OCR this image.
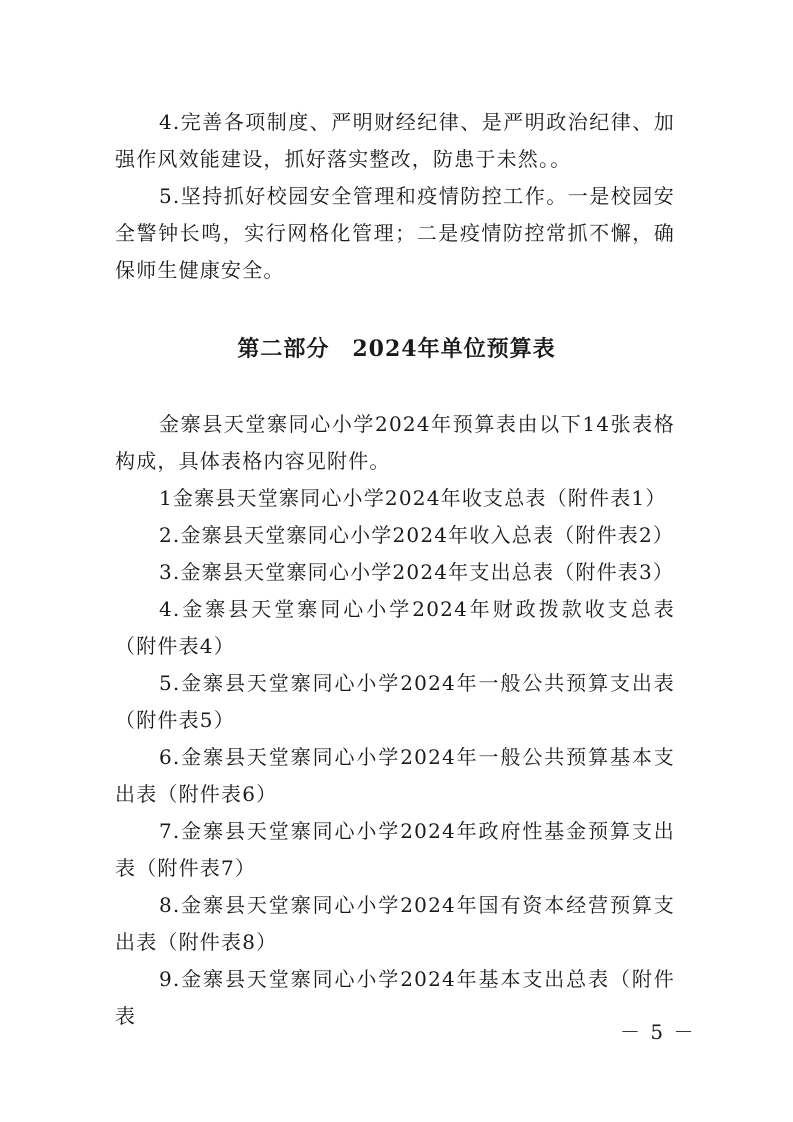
4.完善各项制度、严明财经纪律、是严明政治纪律、加强作风效能建设，抓好落实整改，防患于未然。。

5.坚持抓好校园安全管理和疫情防控工作。一是校园安全警钟长鸣，实行网格化管理；二是疫情防控常抓不懈，确保师生健康安全。

第二部分　2024年单位预算表

金寨县天堂寨同心小学2024年预算表由以下14张表格构成，具体表格内容见附件。

1金寨县天堂寨同心小学2024年收支总表（附件表1）

2.金寨县天堂寨同心小学2024年收入总表（附件表2）

3.金寨县天堂寨同心小学2024年支出总表（附件表3）

4.金寨县天堂寨同心小学2024年财政拨款收支总表（附件表4）

5.金寨县天堂寨同心小学2024年一般公共预算支出表（附件表5）

6.金寨县天堂寨同心小学2024年一般公共预算基本支出表（附件表6）

7.金寨县天堂寨同心小学2024年政府性基金预算支出表（附件表7）

8.金寨县天堂寨同心小学2024年国有资本经营预算支出表（附件表8）

9.金寨县天堂寨同心小学2024年基本支出总表（附件表

－ 5 －
